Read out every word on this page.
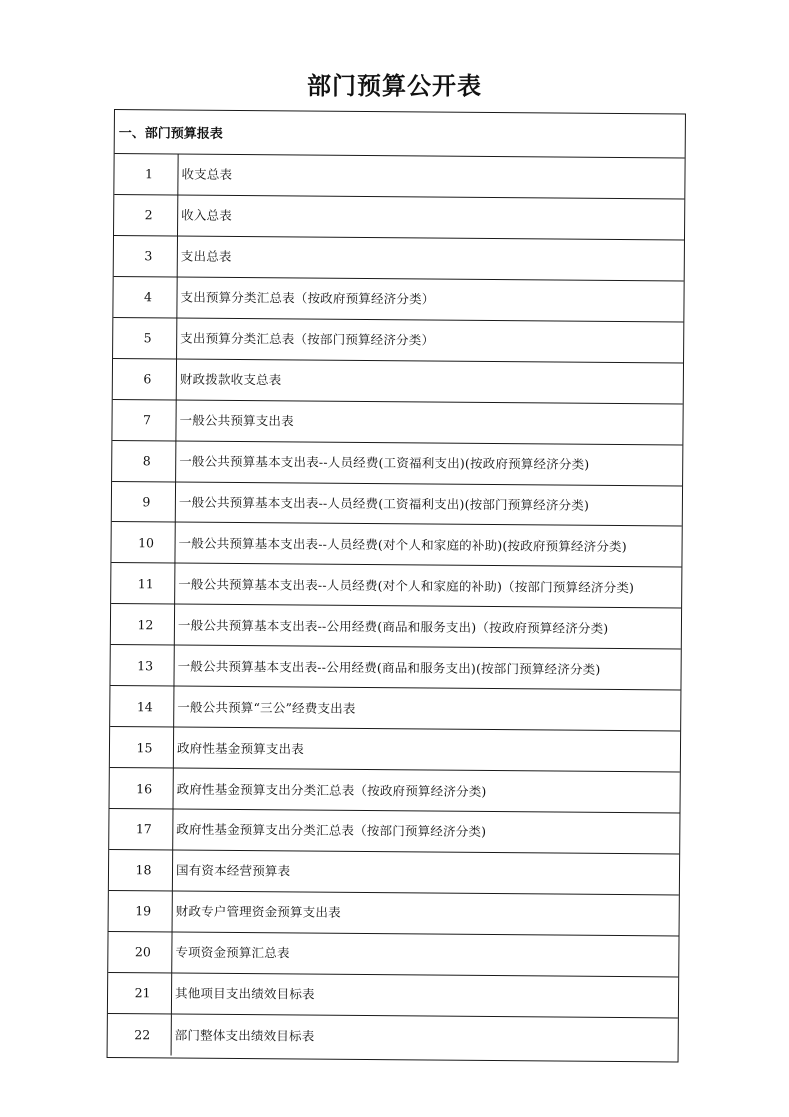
部门预算公开表
一、部门预算报表
1	收支总表
2	收入总表
3	支出总表
4	支出预算分类汇总表（按政府预算经济分类）
5	支出预算分类汇总表（按部门预算经济分类）
6	财政拨款收支总表
7	一般公共预算支出表
8	一般公共预算基本支出表--人员经费(工资福利支出)(按政府预算经济分类)
9	一般公共预算基本支出表--人员经费(工资福利支出)(按部门预算经济分类)
10	一般公共预算基本支出表--人员经费(对个人和家庭的补助)(按政府预算经济分类)
11	一般公共预算基本支出表--人员经费(对个人和家庭的补助)（按部门预算经济分类)
12	一般公共预算基本支出表--公用经费(商品和服务支出)（按政府预算经济分类)
13	一般公共预算基本支出表--公用经费(商品和服务支出)(按部门预算经济分类)
14	一般公共预算“三公”经费支出表
15	政府性基金预算支出表
16	政府性基金预算支出分类汇总表（按政府预算经济分类)
17	政府性基金预算支出分类汇总表（按部门预算经济分类)
18	国有资本经营预算表
19	财政专户管理资金预算支出表
20	专项资金预算汇总表
21	其他项目支出绩效目标表
22	部门整体支出绩效目标表
